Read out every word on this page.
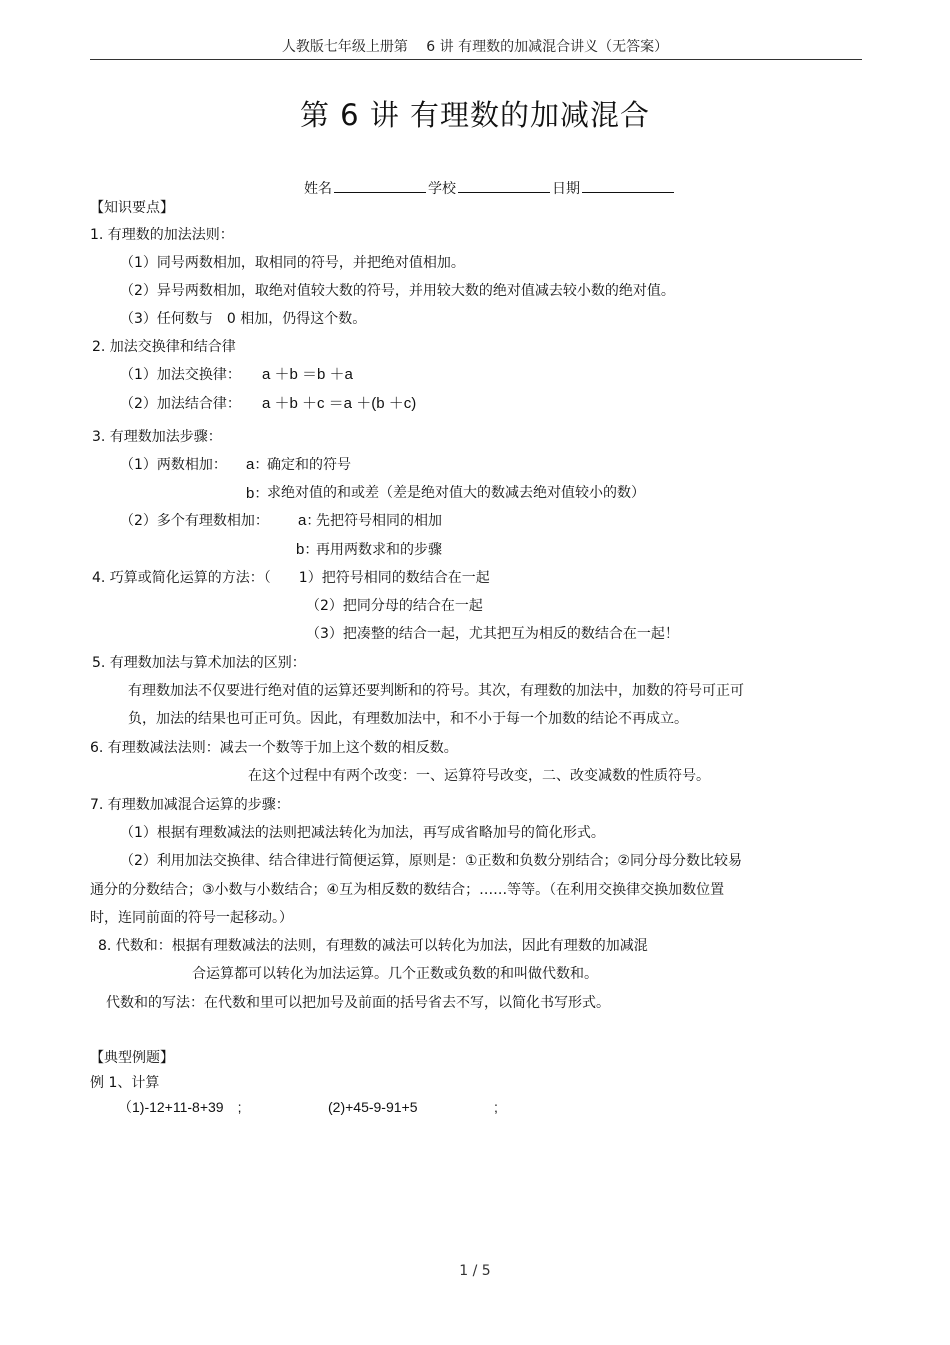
人教版七年级上册第　 6 讲 有理数的加减混合讲义（无答案）
第 6 讲 有理数的加减混合
姓名	学校	日期
【知识要点】
1. 有理数的加法法则：
（1）同号两数相加，取相同的符号，并把绝对值相加。
（2）异号两数相加，取绝对值较大数的符号，并用较大数的绝对值减去较小数的绝对值。
（3）任何数与　0 相加，仍得这个数。
2. 加法交换律和结合律
（1）加法交换律： a ＋b ＝b ＋a
（2）加法结合律： a ＋b ＋c ＝a ＋(b ＋c)
3. 有理数加法步骤：
（1）两数相加： a：
确定和的符号
b：
求绝对值的和或差（差是绝对值大的数减去绝对值较小的数）
（2）多个有理数相加： a：
先把符号相同的相加
b：
再用两数求和的步骤
4. 巧算或简化运算的方法：（　　1）把符号相同的数结合在一起
（2）把同分母的结合在一起
（3）把凑整的结合一起，尤其把互为相反的数结合在一起！
5. 有理数加法与算术加法的区别：
有理数加法不仅要进行绝对值的运算还要判断和的符号。其次，有理数的加法中，加数的符号可正可
负，加法的结果也可正可负。因此，有理数加法中，和不小于每一个加数的结论不再成立。
6. 有理数减法法则：减去一个数等于加上这个数的相反数。
在这个过程中有两个改变：一、运算符号改变，二、改变减数的性质符号。
7. 有理数加减混合运算的步骤：
（1）根据有理数减法的法则把减法转化为加法，再写成省略加号的简化形式。
（2）利用加法交换律、结合律进行简便运算，原则是：①正数和负数分别结合；②同分母分数比较易
通分的分数结合；③小数与小数结合；④互为相反数的数结合；……等等。（在利用交换律交换加数位置
时，连同前面的符号一起移动。）
8. 代数和：根据有理数减法的法则，有理数的减法可以转化为加法，因此有理数的加减混
合运算都可以转化为加法运算。几个正数或负数的和叫做代数和。
代数和的写法：在代数和里可以把加号及前面的括号省去不写，以简化书写形式。
【典型例题】
例 1、计算
（1)-12+11-8+39　;	(2)+45-9-91+5	;
1 / 5
